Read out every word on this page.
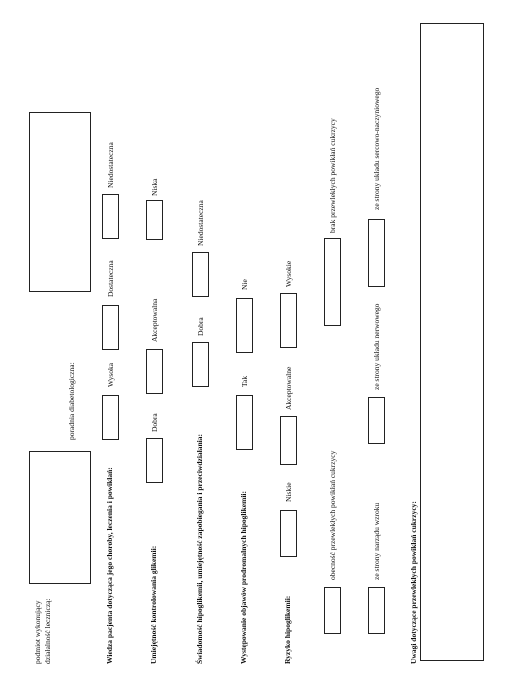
podmiot wykonujący działalność leczniczą:
poradnia diabetologiczna:
Wiedza pacjenta dotycząca jego choroby, leczenia i powikłań:
Wysoka
Dostateczna
Niedostateczna
Umiejętność kontrolowania glikemii:
Dobra
Akceptowalna
Niska
Świadomość hipoglikemii, umiejętność zapobiegania i przeciwdziałania:
Dobra
Niedostateczna
Występowanie objawów prodromalnych hipoglikemii:
Tak
Nie
Ryzyko hipoglikemii:
Niskie
Akceptowalne
Wysokie
obecność przewlekłych powikłań cukrzycy
brak przewlekłych powikłań cukrzycy
ze strony narządu wzroku
ze strony układu nerwowego
ze strony układu sercowo-naczyniowego
Uwagi dotyczące przewlekłych powikłań cukrzycy:
